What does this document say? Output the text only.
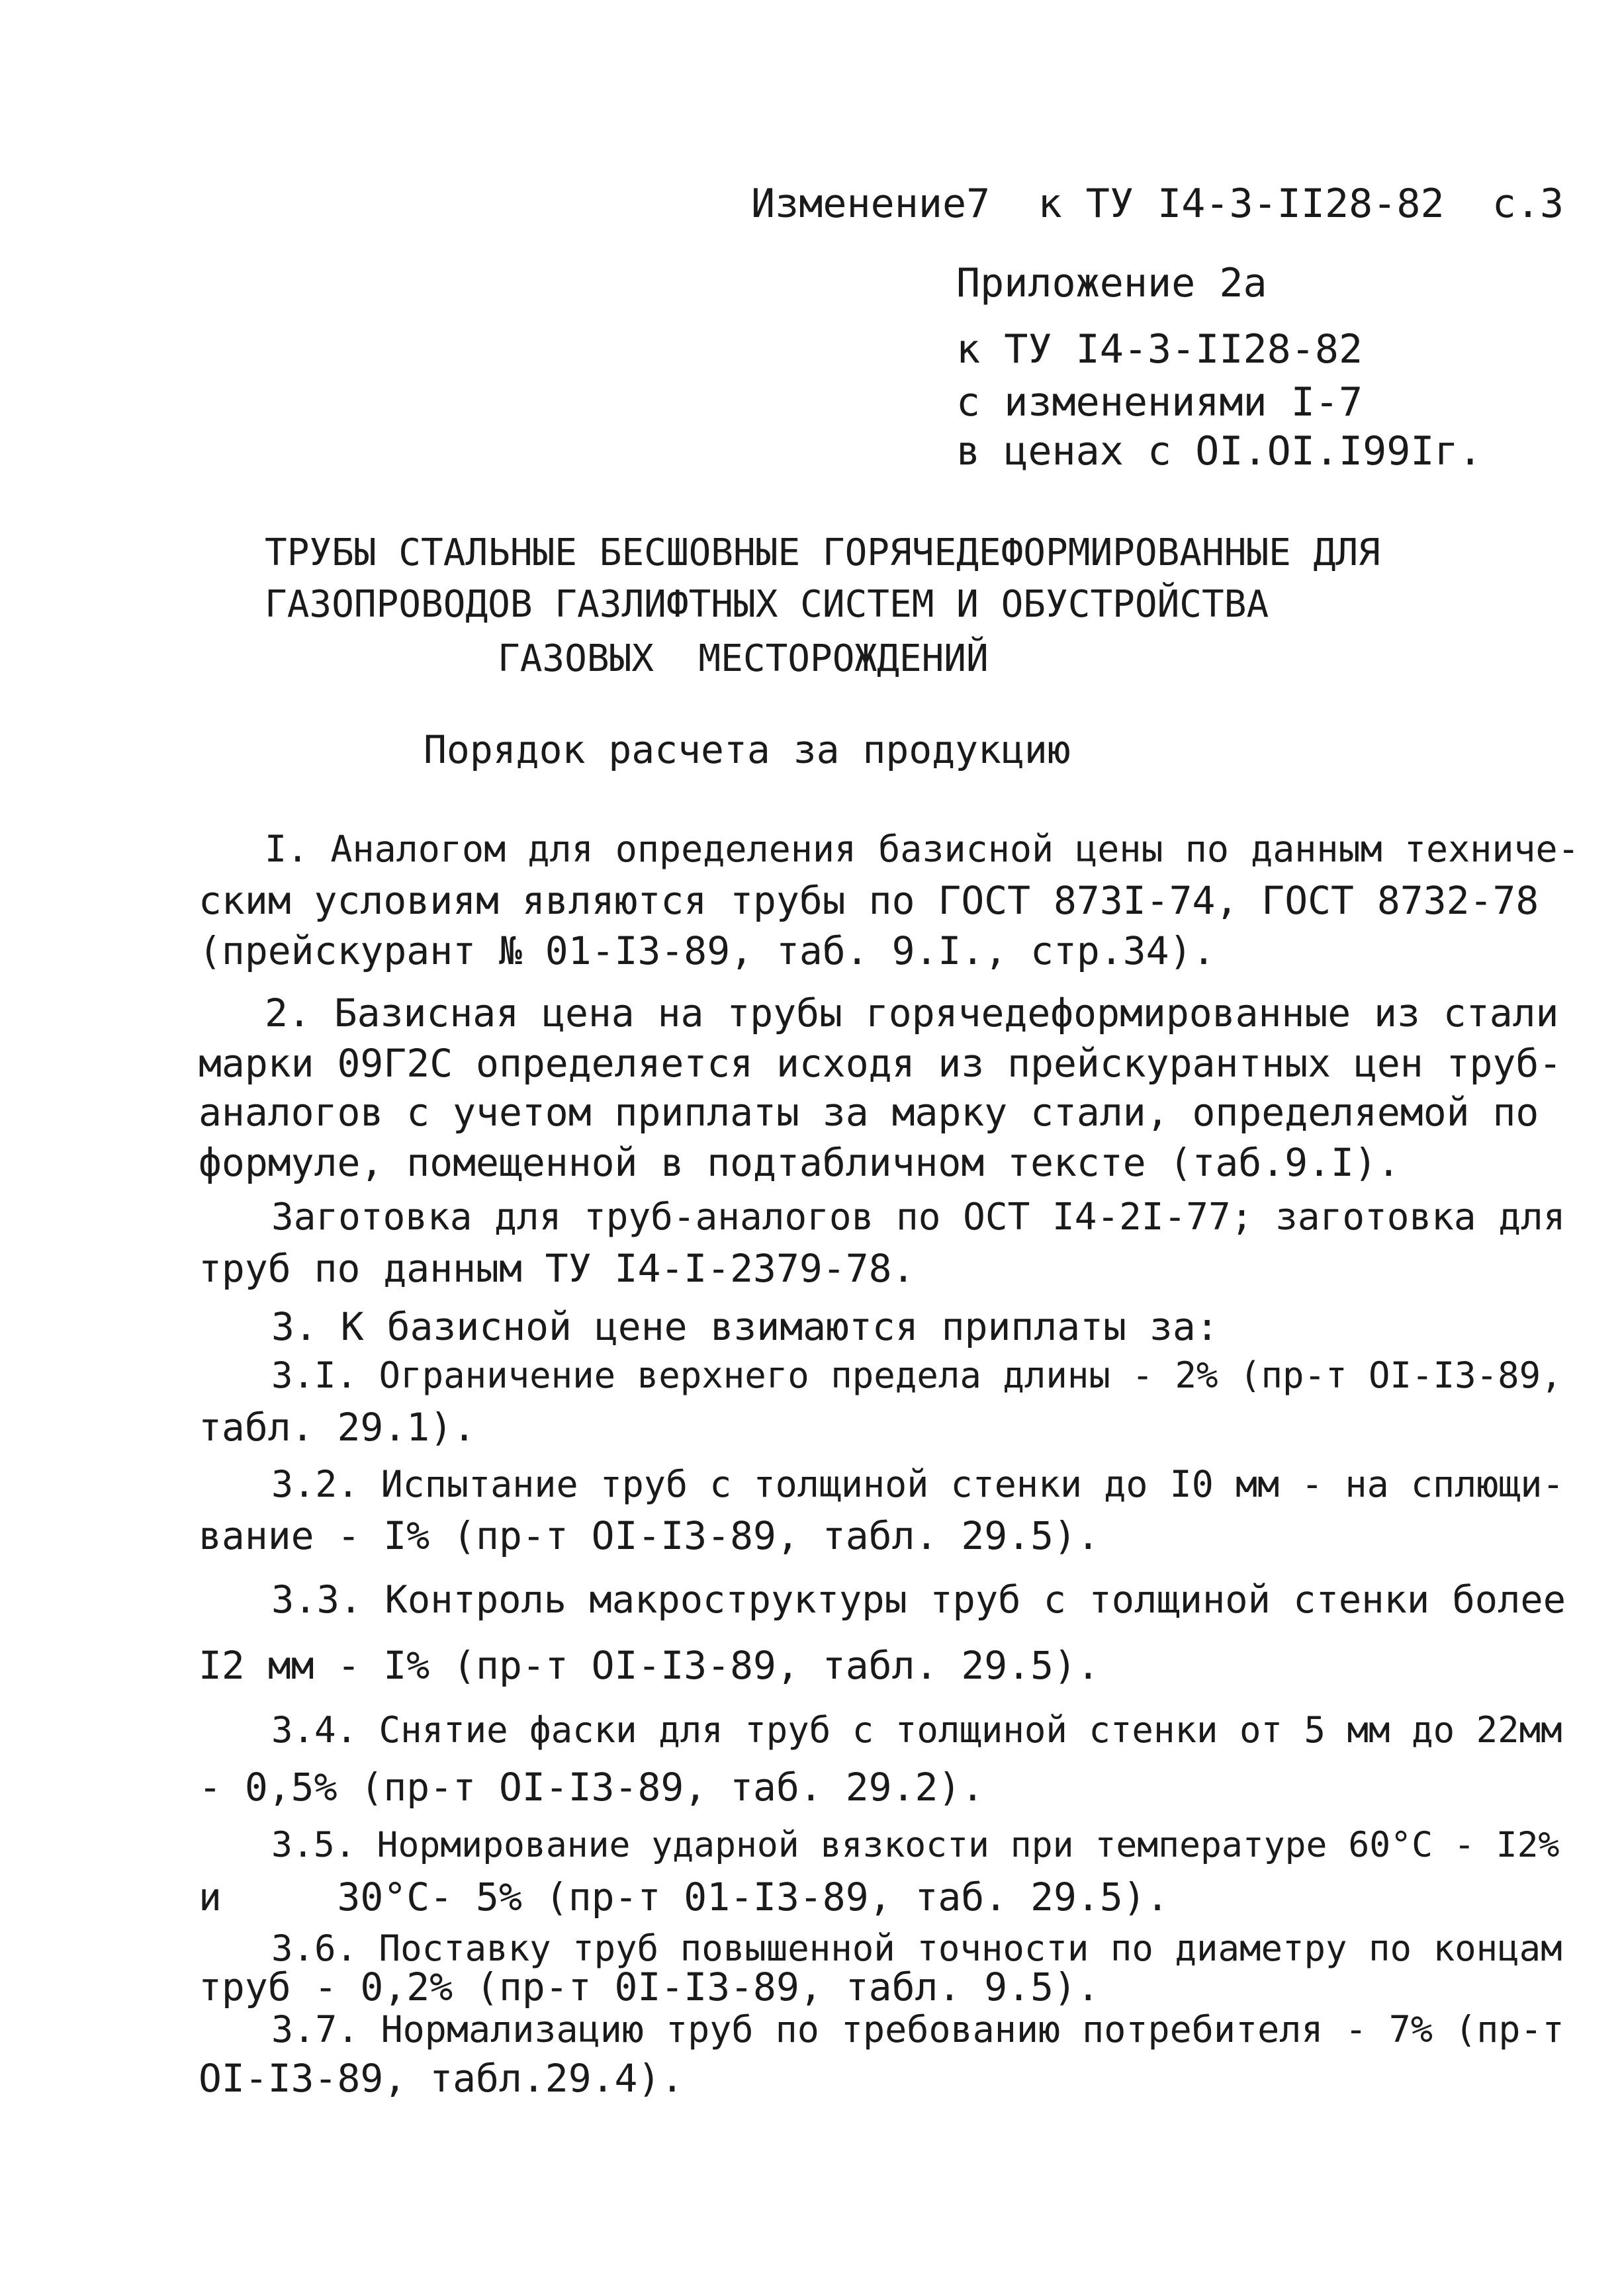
Изменение7  к ТУ I4-3-II28-82  с.3
Приложение 2а
к ТУ I4-3-II28-82
с изменениями I-7
в ценах с OI.OI.I99Iг.
ТРУБЫ СТАЛЬНЫЕ БЕСШОВНЫЕ ГОРЯЧЕДЕФОРМИРОВАННЫЕ ДЛЯ
ГАЗОПРОВОДОВ ГАЗЛИФТНЫХ СИСТЕМ И ОБУСТРОЙСТВА
ГАЗОВЫХ  МЕСТОРОЖДЕНИЙ
Порядок расчета за продукцию
I. Аналогом для определения базисной цены по данным техниче-
ским условиям являются трубы по ГОСТ 873I-74, ГОСТ 8732-78
(прейскурант № 01-I3-89, таб. 9.I., стр.34).
2. Базисная цена на трубы горячедеформированные из стали
марки 09Г2С определяется исходя из прейскурантных цен труб-
аналогов с учетом приплаты за марку стали, определяемой по
формуле, помещенной в подтабличном тексте (таб.9.I).
Заготовка для труб-аналогов по ОСТ I4-2I-77; заготовка для
труб по данным ТУ I4-I-2379-78.
3. К базисной цене взимаются приплаты за:
3.I. Ограничение верхнего предела длины - 2% (пр-т OI-I3-89,
табл. 29.1).
3.2. Испытание труб с толщиной стенки до I0 мм - на сплющи-
вание - I% (пр-т OI-I3-89, табл. 29.5).
3.3. Контроль макроструктуры труб с толщиной стенки более
I2 мм - I% (пр-т OI-I3-89, табл. 29.5).
3.4. Снятие фаски для труб с толщиной стенки от 5 мм до 22мм
- 0,5% (пр-т OI-I3-89, таб. 29.2).
3.5. Нормирование ударной вязкости при температуре 60°С - I2%
и     30°С- 5% (пр-т 01-I3-89, таб. 29.5).
3.6. Поставку труб повышенной точности по диаметру по концам
труб - 0,2% (пр-т 0I-I3-89, табл. 9.5).
3.7. Нормализацию труб по требованию потребителя - 7% (пр-т
OI-I3-89, табл.29.4).
